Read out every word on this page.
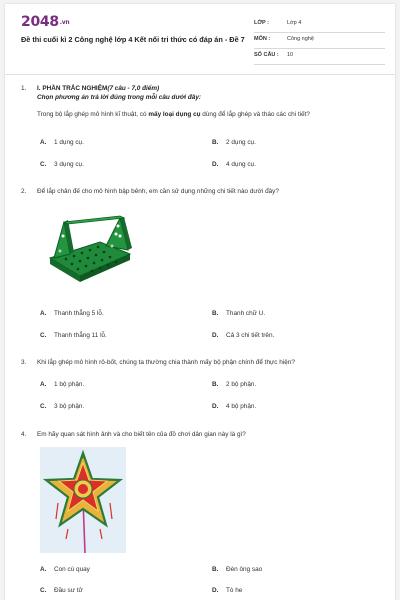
2048.vn
Đề thi cuối kì 2 Công nghệ lớp 4 Kết nối tri thức có đáp án - Đề 7
LỚP :	Lớp 4
MÔN :	Công nghệ
SỐ CÂU : 10
1. I. PHẦN TRẮC NGHIỆM(7 câu - 7,0 điểm)
Chọn phương án trả lời đúng trong mỗi câu dưới đây:
Trong bộ lắp ghép mô hình kĩ thuật, có mấy loại dụng cụ dùng để lắp ghép và tháo các chi tiết?
A. 1 dụng cụ.	B. 2 dụng cụ.
C. 3 dụng cụ.	D. 4 dụng cụ.
2. Để lắp chân đế cho mô hình bập bênh, em cần sử dụng những chi tiết nào dưới đây?
A. Thanh thẳng 5 lỗ.	B. Thanh chữ U.
C. Thanh thẳng 11 lỗ.	D. Cả 3 chi tiết trên.
3. Khi lắp ghép mô hình rô-bốt, chúng ta thường chia thành mấy bộ phận chính để thực hiện?
A. 1 bộ phận.	B. 2 bộ phận.
C. 3 bộ phận.	D. 4 bộ phận.
4. Em hãy quan sát hình ảnh và cho biết tên của đồ chơi dân gian này là gì?
A. Con cù quay	B. Đèn ông sao
C. Đầu sư tử	D. Tò he
